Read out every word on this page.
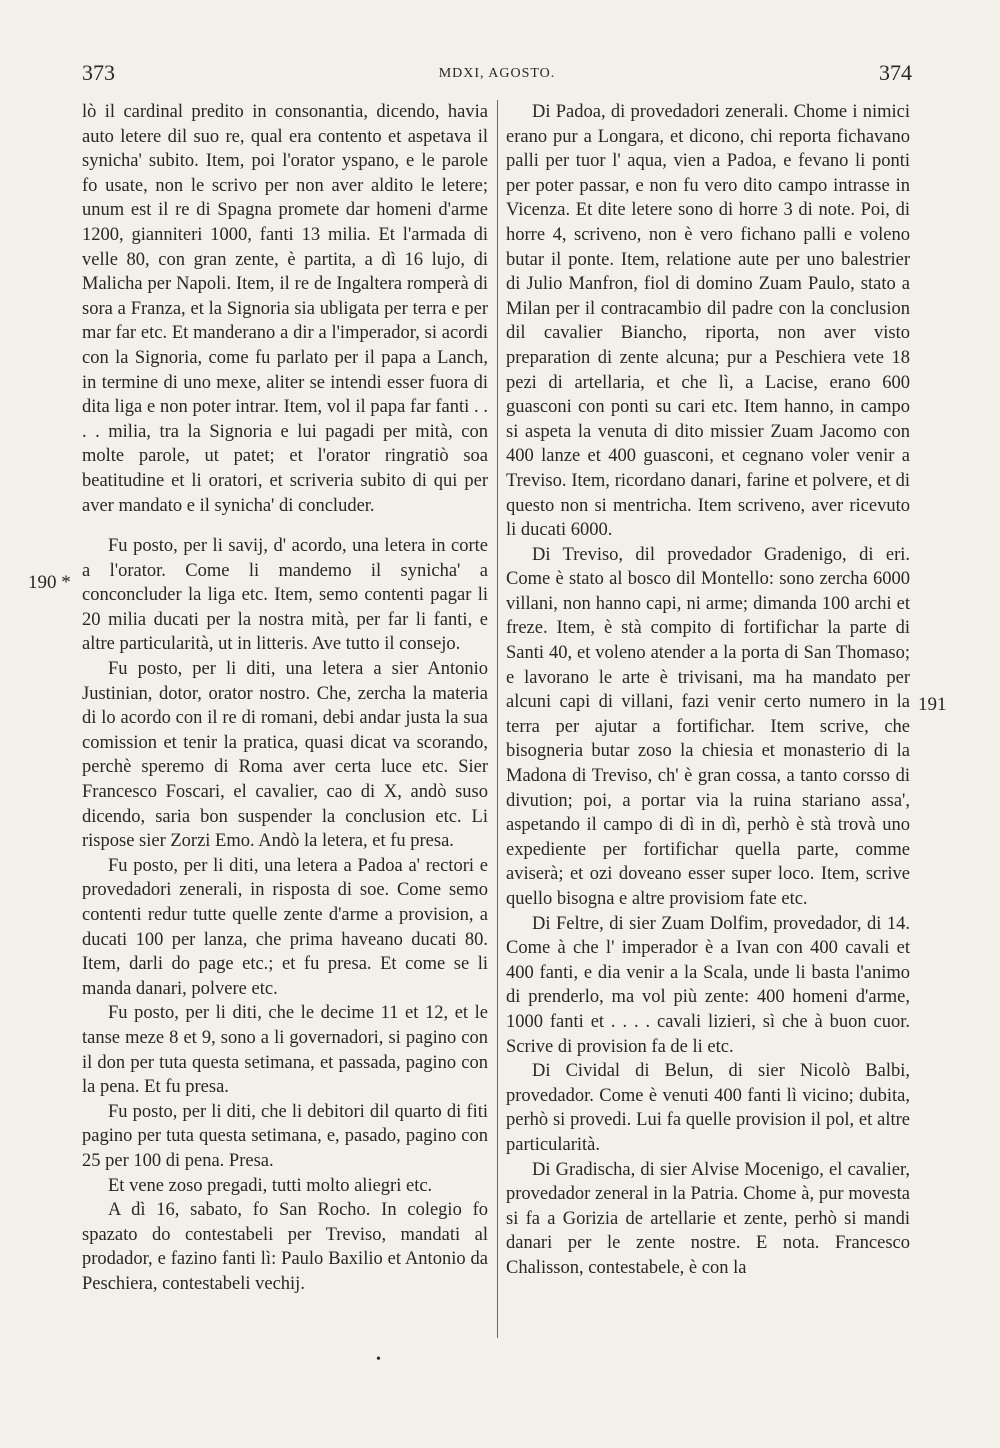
373	MDXI, AGOSTO.	374
190 *
191

lò il cardinal predito in consonantia, dicendo, havia auto letere dil suo re, qual era contento et aspetava il synicha' subito. Item, poi l'orator yspano, e le parole fo usate, non le scrivo per non aver aldito le letere; unum est il re di Spagna promete dar homeni d'arme 1200, gianniteri 1000, fanti 13 milia. Et l'armada di velle 80, con gran zente, è partita, a dì 16 lujo, di Malicha per Napoli. Item, il re de Ingaltera romperà di sora a Franza, et la Signoria sia ubligata per terra e per mar far etc. Et manderano a dir a l'imperador, si acordi con la Signoria, come fu parlato per il papa a Lanch, in termine di uno mexe, aliter se intendi esser fuora di dita liga e non poter intrar. Item, vol il papa far fanti . . . . milia, tra la Signoria e lui pagadi per mità, con molte parole, ut patet; et l'orator ringratiò soa beatitudine et li oratori, et scriveria subito di qui per aver mandato e il synicha' di concluder.

Fu posto, per li savij, d' acordo, una letera in corte a l'orator. Come li mandemo il synicha' a conconcluder la liga etc. Item, semo contenti pagar li 20 milia ducati per la nostra mità, per far li fanti, e altre particularità, ut in litteris. Ave tutto il consejo.

Fu posto, per li diti, una letera a sier Antonio Justinian, dotor, orator nostro. Che, zercha la materia di lo acordo con il re di romani, debi andar justa la sua comission et tenir la pratica, quasi dicat va scorando, perchè speremo di Roma aver certa luce etc. Sier Francesco Foscari, el cavalier, cao di X, andò suso dicendo, saria bon suspender la conclusion etc. Li rispose sier Zorzi Emo. Andò la letera, et fu presa.

Fu posto, per li diti, una letera a Padoa a' rectori e provedadori zenerali, in risposta di soe. Come semo contenti redur tutte quelle zente d'arme a provision, a ducati 100 per lanza, che prima haveano ducati 80. Item, darli do page etc.; et fu presa. Et come se li manda danari, polvere etc.

Fu posto, per li diti, che le decime 11 et 12, et le tanse meze 8 et 9, sono a li governadori, si pagino con il don per tuta questa setimana, et passada, pagino con la pena. Et fu presa.

Fu posto, per li diti, che li debitori dil quarto di fiti pagino per tuta questa setimana, e, pasado, pagino con 25 per 100 di pena. Presa.

Et vene zoso pregadi, tutti molto aliegri etc.

A dì 16, sabato, fo San Rocho. In colegio fo spazato do contestabeli per Treviso, mandati al prodador, e fazino fanti lì: Paulo Baxilio et Antonio da Peschiera, contestabeli vechij.

Di Padoa, di provedadori zenerali. Chome i nimici erano pur a Longara, et dicono, chi reporta fichavano palli per tuor l' aqua, vien a Padoa, e fevano li ponti per poter passar, e non fu vero dito campo intrasse in Vicenza. Et dite letere sono di horre 3 di note. Poi, di horre 4, scriveno, non è vero fichano palli e voleno butar il ponte. Item, relatione aute per uno balestrier di Julio Manfron, fiol di domino Zuam Paulo, stato a Milan per il contracambio dil padre con la conclusion dil cavalier Biancho, riporta, non aver visto preparation di zente alcuna; pur a Peschiera vete 18 pezi di artellaria, et che lì, a Lacise, erano 600 guasconi con ponti su cari etc. Item hanno, in campo si aspeta la venuta di dito missier Zuam Jacomo con 400 lanze et 400 guasconi, et cegnano voler venir a Treviso. Item, ricordano danari, farine et polvere, et di questo non si mentricha. Item scriveno, aver ricevuto li ducati 6000.

Di Treviso, dil provedador Gradenigo, di eri. Come è stato al bosco dil Montello: sono zercha 6000 villani, non hanno capi, ni arme; dimanda 100 archi et freze. Item, è stà compito di fortifichar la parte di Santi 40, et voleno atender a la porta di San Thomaso; e lavorano le arte è trivisani, ma ha mandato per alcuni capi di villani, fazi venir certo numero in la terra per ajutar a fortifichar. Item scrive, che bisogneria butar zoso la chiesia et monasterio di la Madona di Treviso, ch' è gran cossa, a tanto corsso di divution; poi, a portar via la ruina stariano assa', aspetando il campo di dì in dì, perhò è stà trovà uno expediente per fortifichar quella parte, comme aviserà; et ozi doveano esser super loco. Item, scrive quello bisogna e altre provisiom fate etc.

Di Feltre, di sier Zuam Dolfim, provedador, di 14. Come à che l' imperador è a Ivan con 400 cavali et 400 fanti, e dia venir a la Scala, unde li basta l'animo di prenderlo, ma vol più zente: 400 homeni d'arme, 1000 fanti et . . . . cavali lizieri, sì che à buon cuor. Scrive di provision fa de li etc.

Di Cividal di Belun, di sier Nicolò Balbi, provedador. Come è venuti 400 fanti lì vicino; dubita, perhò si provedi. Lui fa quelle provision il pol, et altre particularità.

Di Gradischa, di sier Alvise Mocenigo, el cavalier, provedador zeneral in la Patria. Chome à, pur movesta si fa a Gorizia de artellarie et zente, perhò si mandi danari per le zente nostre. E nota. Francesco Chalisson, contestabele, è con la

•
